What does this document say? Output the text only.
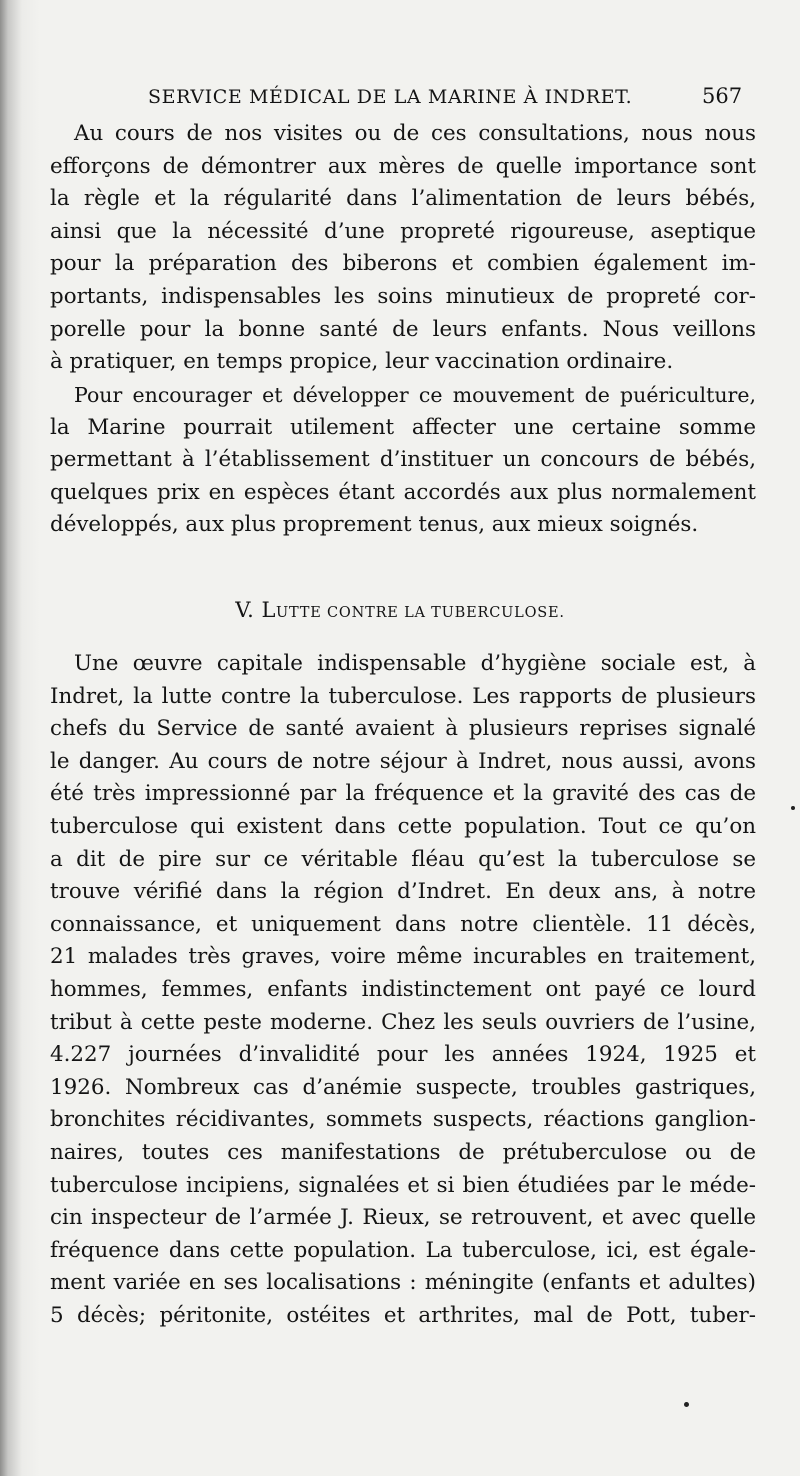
SERVICE MÉDICAL DE LA MARINE À INDRET.	567
Au cours de nos visites ou de ces consultations, nous nous
efforçons de démontrer aux mères de quelle importance sont
la règle et la régularité dans l’alimentation de leurs bébés,
ainsi que la nécessité d’une propreté rigoureuse, aseptique
pour la préparation des biberons et combien également im-
portants, indispensables les soins minutieux de propreté cor-
porelle pour la bonne santé de leurs enfants. Nous veillons
à pratiquer, en temps propice, leur vaccination ordinaire.
Pour encourager et développer ce mouvement de puériculture,
la Marine pourrait utilement affecter une certaine somme
permettant à l’établissement d’instituer un concours de bébés,
quelques prix en espèces étant accordés aux plus normalement
développés, aux plus proprement tenus, aux mieux soignés.
V. LUTTE CONTRE LA TUBERCULOSE.
Une œuvre capitale indispensable d’hygiène sociale est, à
Indret, la lutte contre la tuberculose. Les rapports de plusieurs
chefs du Service de santé avaient à plusieurs reprises signalé
le danger. Au cours de notre séjour à Indret, nous aussi, avons
été très impressionné par la fréquence et la gravité des cas de
tuberculose qui existent dans cette population. Tout ce qu’on
a dit de pire sur ce véritable fléau qu’est la tuberculose se
trouve vérifié dans la région d’Indret. En deux ans, à notre
connaissance, et uniquement dans notre clientèle. 11 décès,
21 malades très graves, voire même incurables en traitement,
hommes, femmes, enfants indistinctement ont payé ce lourd
tribut à cette peste moderne. Chez les seuls ouvriers de l’usine,
4.227 journées d’invalidité pour les années 1924, 1925 et
1926. Nombreux cas d’anémie suspecte, troubles gastriques,
bronchites récidivantes, sommets suspects, réactions ganglion-
naires, toutes ces manifestations de prétuberculose ou de
tuberculose incipiens, signalées et si bien étudiées par le méde-
cin inspecteur de l’armée J. Rieux, se retrouvent, et avec quelle
fréquence dans cette population. La tuberculose, ici, est égale-
ment variée en ses localisations : méningite (enfants et adultes)
5 décès; péritonite, ostéites et arthrites, mal de Pott, tuber-
